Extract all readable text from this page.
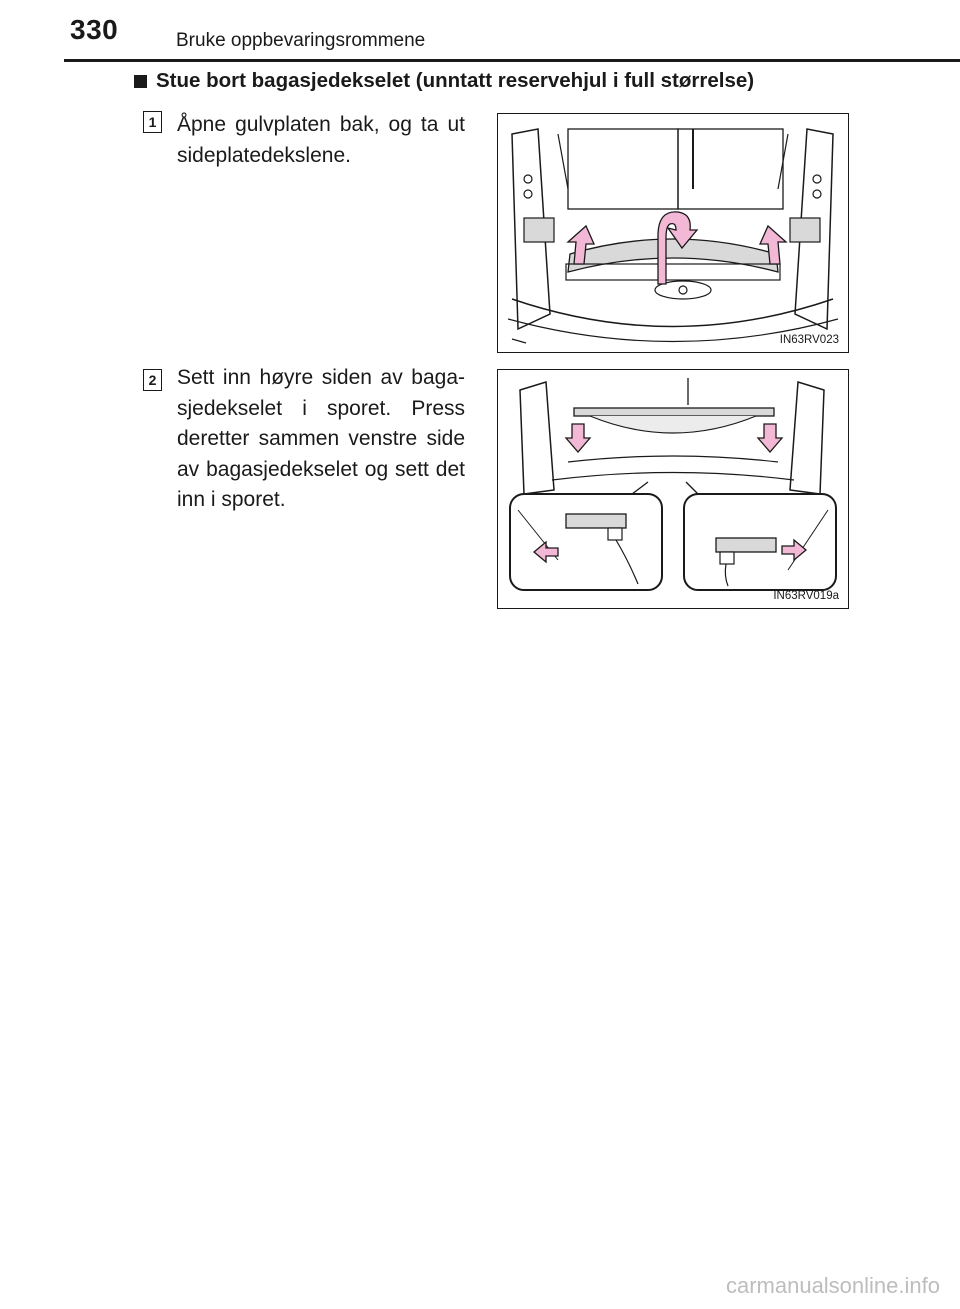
330	Bruke oppbevaringsrommene
Stue bort bagasjedekselet (unntatt reservehjul i full størrelse)
1 Åpne gulvplaten bak, og ta ut sideplatedekslene.
IN63RV023
2 Sett inn høyre siden av baga-sjedekselet i sporet. Press deretter sammen venstre side av bagasjedekselet og sett det inn i sporet.
IN63RV019a
carmanualsonline.info
